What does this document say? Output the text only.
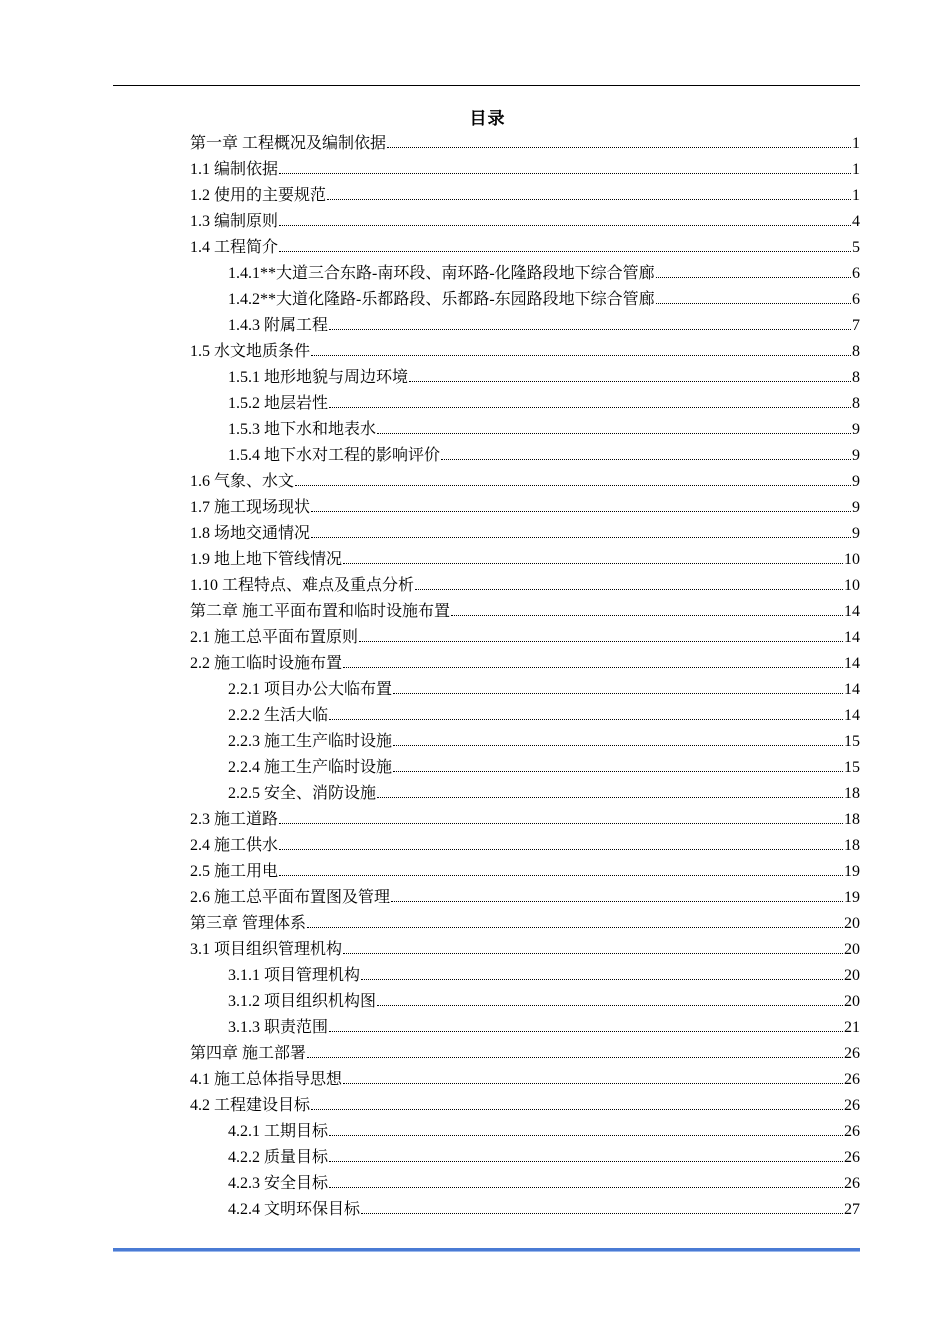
目录
第一章 工程概况及编制依据	1
1.1 编制依据	1
1.2 使用的主要规范	1
1.3 编制原则	4
1.4 工程简介	5
1.4.1**大道三合东路-南环段、南环路-化隆路段地下综合管廊	6
1.4.2**大道化隆路-乐都路段、乐都路-东园路段地下综合管廊	6
1.4.3 附属工程	7
1.5 水文地质条件	8
1.5.1 地形地貌与周边环境	8
1.5.2 地层岩性	8
1.5.3 地下水和地表水	9
1.5.4 地下水对工程的影响评价	9
1.6 气象、水文	9
1.7 施工现场现状	9
1.8 场地交通情况	9
1.9 地上地下管线情况	10
1.10 工程特点、难点及重点分析	10
第二章 施工平面布置和临时设施布置	14
2.1 施工总平面布置原则	14
2.2 施工临时设施布置	14
2.2.1 项目办公大临布置	14
2.2.2 生活大临	14
2.2.3 施工生产临时设施	15
2.2.4 施工生产临时设施	15
2.2.5 安全、消防设施	18
2.3 施工道路	18
2.4 施工供水	18
2.5 施工用电	19
2.6 施工总平面布置图及管理	19
第三章 管理体系	20
3.1 项目组织管理机构	20
3.1.1 项目管理机构	20
3.1.2 项目组织机构图	20
3.1.3 职责范围	21
第四章 施工部署	26
4.1 施工总体指导思想	26
4.2 工程建设目标	26
4.2.1 工期目标	26
4.2.2 质量目标	26
4.2.3 安全目标	26
4.2.4 文明环保目标	27
